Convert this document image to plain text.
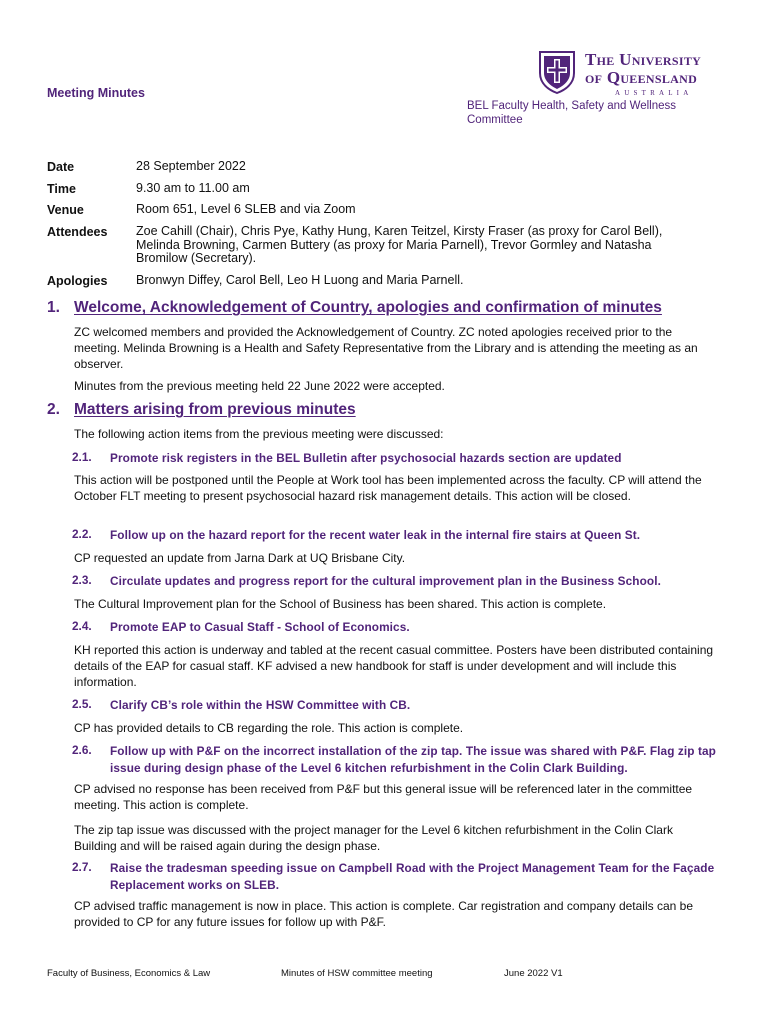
The University
of Queensland
AUSTRALIA
Meeting Minutes
BEL Faculty Health, Safety and Wellness Committee
Date	28 September 2022
Time	9.30 am to 11.00 am
Venue	Room 651, Level 6 SLEB and via Zoom
Attendees Zoe Cahill (Chair), Chris Pye, Kathy Hung, Karen Teitzel, Kirsty Fraser (as proxy for Carol Bell), Melinda Browning, Carmen Buttery (as proxy for Maria Parnell), Trevor Gormley and Natasha Bromilow (Secretary).
Apologies Bronwyn Diffey, Carol Bell, Leo H Luong and Maria Parnell.
1. Welcome, Acknowledgement of Country, apologies and confirmation of minutes
ZC welcomed members and provided the Acknowledgement of Country. ZC noted apologies received prior to the meeting. Melinda Browning is a Health and Safety Representative from the Library and is attending the meeting as an observer.
Minutes from the previous meeting held 22 June 2022 were accepted.
2. Matters arising from previous minutes
The following action items from the previous meeting were discussed:
2.1. Promote risk registers in the BEL Bulletin after psychosocial hazards section are updated
This action will be postponed until the People at Work tool has been implemented across the faculty. CP will attend the October FLT meeting to present psychosocial hazard risk management details. This action will be closed.
2.2. Follow up on the hazard report for the recent water leak in the internal fire stairs at Queen St.
CP requested an update from Jarna Dark at UQ Brisbane City.
2.3. Circulate updates and progress report for the cultural improvement plan in the Business School.
The Cultural Improvement plan for the School of Business has been shared. This action is complete.
2.4. Promote EAP to Casual Staff - School of Economics.
KH reported this action is underway and tabled at the recent casual committee. Posters have been distributed containing details of the EAP for casual staff. KF advised a new handbook for staff is under development and will include this information.
2.5. Clarify CB’s role within the HSW Committee with CB.
CP has provided details to CB regarding the role. This action is complete.
2.6. Follow up with P&F on the incorrect installation of the zip tap. The issue was shared with P&F. Flag zip tap issue during design phase of the Level 6 kitchen refurbishment in the Colin Clark Building.
CP advised no response has been received from P&F but this general issue will be referenced later in the committee meeting. This action is complete.
The zip tap issue was discussed with the project manager for the Level 6 kitchen refurbishment in the Colin Clark Building and will be raised again during the design phase.
2.7. Raise the tradesman speeding issue on Campbell Road with the Project Management Team for the Façade Replacement works on SLEB.
CP advised traffic management is now in place. This action is complete. Car registration and company details can be provided to CP for any future issues for follow up with P&F.
Faculty of Business, Economics & Law	Minutes of HSW committee meeting	June 2022 V1
